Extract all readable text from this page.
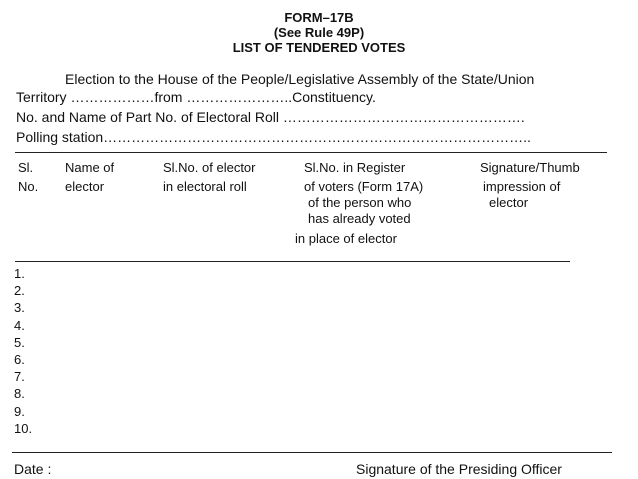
FORM–17B
(See Rule 49P)
LIST OF TENDERED VOTES
Election to the House of the People/Legislative Assembly of the State/Union
Territory ………………from …………………..Constituency.
No. and Name of Part No. of Electoral Roll …………………………………………….
Polling station………………………………………………………………………………..
Sl.
No.
Name of
elector
Sl.No. of elector
in electoral roll
Sl.No. in Register
of voters (Form 17A)
of the person who
has already voted
in place of elector
Signature/Thumb
impression of
elector
1.
2.
3.
4.
5.
6.
7.
8.
9.
10.
Date :	Signature of the Presiding Officer
